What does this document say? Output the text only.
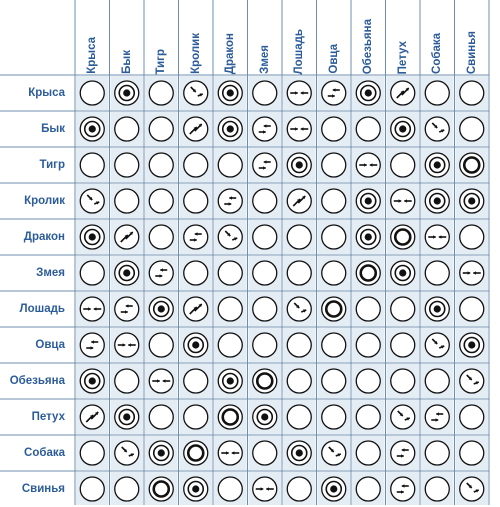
Крыса Бык Тигр Кролик Дракон Змея Лошадь Овца Обезьяна Петух Собака Свинья
Крыса
Бык
Тигр
Кролик
Дракон
Змея
Лошадь
Овца
Обезьяна
Петух
Собака
Свинья
